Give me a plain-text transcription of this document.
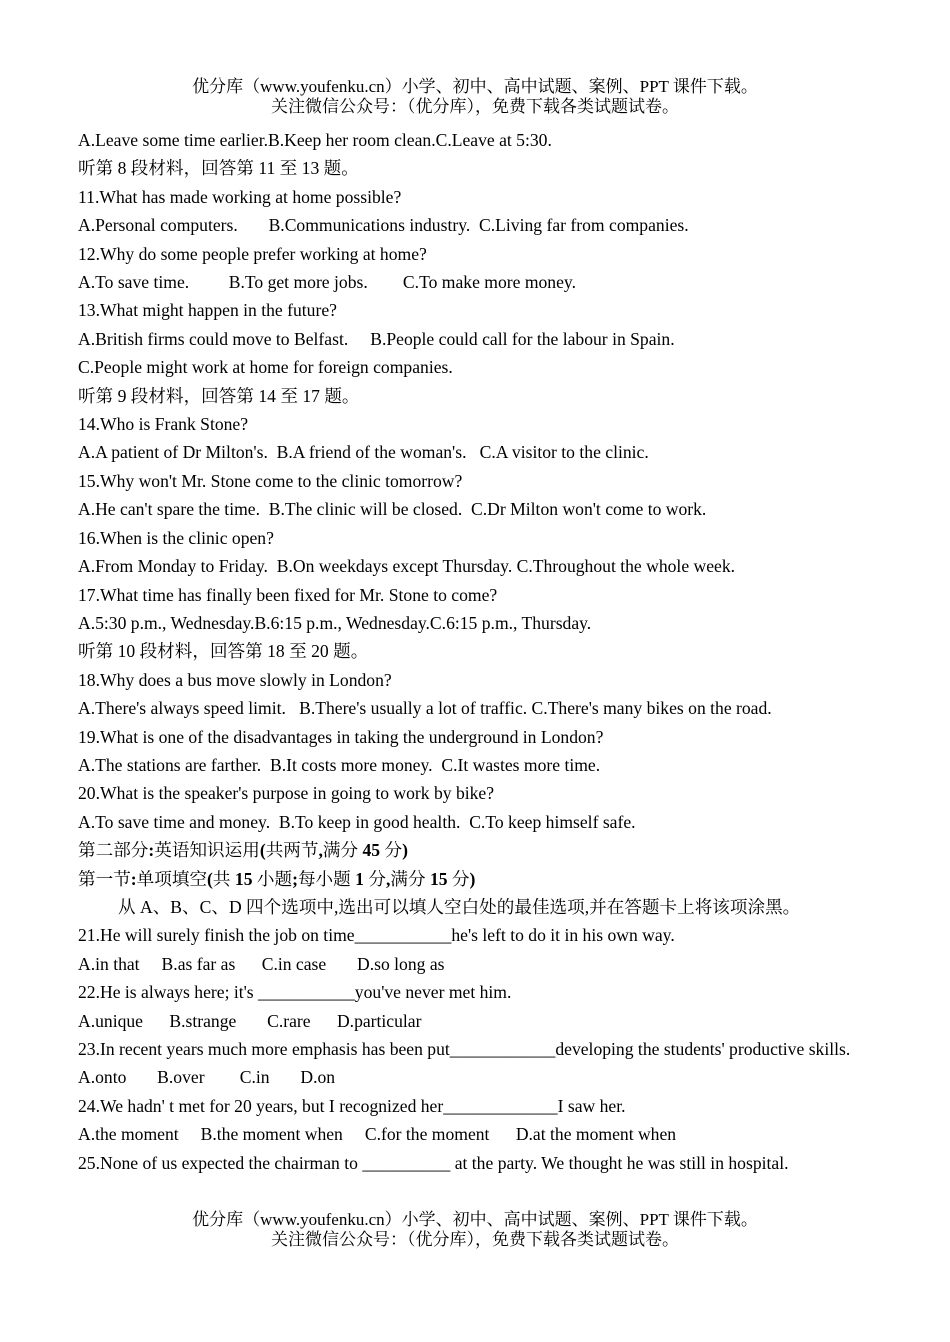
优分库（www.youfenku.cn）小学、初中、高中试题、案例、PPT 课件下载。
关注微信公众号：（优分库），免费下载各类试题试卷。
A.Leave some time earlier.B.Keep her room clean.C.Leave at 5:30.
听第 8 段材料，回答第 11 至 13 题。
11.What has made working at home possible?
A.Personal computers.       B.Communications industry.  C.Living far from companies.
12.Why do some people prefer working at home?
A.To save time.         B.To get more jobs.        C.To make more money.
13.What might happen in the future?
A.British firms could move to Belfast.     B.People could call for the labour in Spain.
C.People might work at home for foreign companies.
听第 9 段材料，回答第 14 至 17 题。
14.Who is Frank Stone?
A.A patient of Dr Milton's.  B.A friend of the woman's.   C.A visitor to the clinic.
15.Why won't Mr. Stone come to the clinic tomorrow?
A.He can't spare the time.  B.The clinic will be closed.  C.Dr Milton won't come to work.
16.When is the clinic open?
A.From Monday to Friday.  B.On weekdays except Thursday. C.Throughout the whole week.
17.What time has finally been fixed for Mr. Stone to come?
A.5:30 p.m., Wednesday.B.6:15 p.m., Wednesday.C.6:15 p.m., Thursday.
听第 10 段材料，回答第 18 至 20 题。
18.Why does a bus move slowly in London?
A.There's always speed limit.   B.There's usually a lot of traffic. C.There's many bikes on the road.
19.What is one of the disadvantages in taking the underground in London?
A.The stations are farther.  B.It costs more money.  C.It wastes more time.
20.What is the speaker's purpose in going to work by bike?
A.To save time and money.  B.To keep in good health.  C.To keep himself safe.
第二部分:英语知识运用(共两节,满分 45 分)
第一节:单项填空(共 15 小题;每小题 1 分,满分 15 分)
从 A、B、C、D 四个选项中,选出可以填人空白处的最佳选项,并在答题卡上将该项涂黑。
21.He will surely finish the job on time___________he's left to do it in his own way.
A.in that     B.as far as      C.in case       D.so long as
22.He is always here; it's ___________you've never met him.
A.unique      B.strange       C.rare      D.particular
23.In recent years much more emphasis has been put____________developing the students' productive skills.
A.onto       B.over        C.in       D.on
24.We hadn' t met for 20 years, but I recognized her_____________I saw her.
A.the moment     B.the moment when     C.for the moment      D.at the moment when
25.None of us expected the chairman to __________ at the party. We thought he was still in hospital.
优分库（www.youfenku.cn）小学、初中、高中试题、案例、PPT 课件下载。
关注微信公众号：（优分库），免费下载各类试题试卷。
